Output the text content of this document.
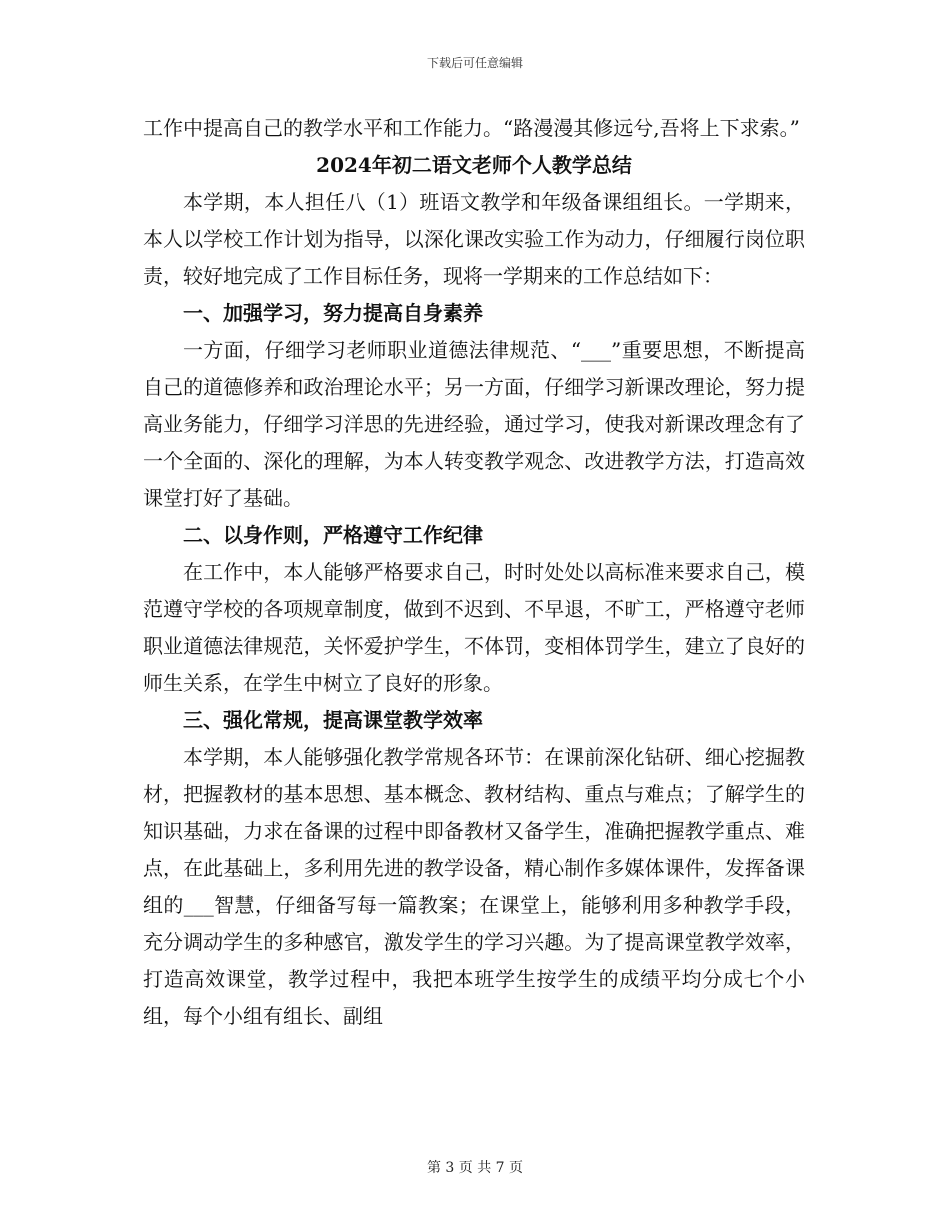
下载后可任意编辑

工作中提高自己的教学水平和工作能力。“路漫漫其修远兮,吾将上下求索。”

2024年初二语文老师个人教学总结

本学期，本人担任八（1）班语文教学和年级备课组组长。一学期来，本人以学校工作计划为指导，以深化课改实验工作为动力，仔细履行岗位职责，较好地完成了工作目标任务，现将一学期来的工作总结如下：

一、加强学习，努力提高自身素养

一方面，仔细学习老师职业道德法律规范、“___”重要思想，不断提高自己的道德修养和政治理论水平；另一方面，仔细学习新课改理论，努力提高业务能力，仔细学习洋思的先进经验，通过学习，使我对新课改理念有了一个全面的、深化的理解，为本人转变教学观念、改进教学方法，打造高效课堂打好了基础。

二、以身作则，严格遵守工作纪律

在工作中，本人能够严格要求自己，时时处处以高标准来要求自己，模范遵守学校的各项规章制度，做到不迟到、不早退，不旷工，严格遵守老师职业道德法律规范，关怀爱护学生，不体罚，变相体罚学生，建立了良好的师生关系，在学生中树立了良好的形象。

三、强化常规，提高课堂教学效率

本学期，本人能够强化教学常规各环节：在课前深化钻研、细心挖掘教材，把握教材的基本思想、基本概念、教材结构、重点与难点；了解学生的知识基础，力求在备课的过程中即备教材又备学生，准确把握教学重点、难点，在此基础上，多利用先进的教学设备，精心制作多媒体课件，发挥备课组的___智慧，仔细备写每一篇教案；在课堂上，能够利用多种教学手段，充分调动学生的多种感官，激发学生的学习兴趣。为了提高课堂教学效率，打造高效课堂，教学过程中，我把本班学生按学生的成绩平均分成七个小组，每个小组有组长、副组

第 3 页 共 7 页
